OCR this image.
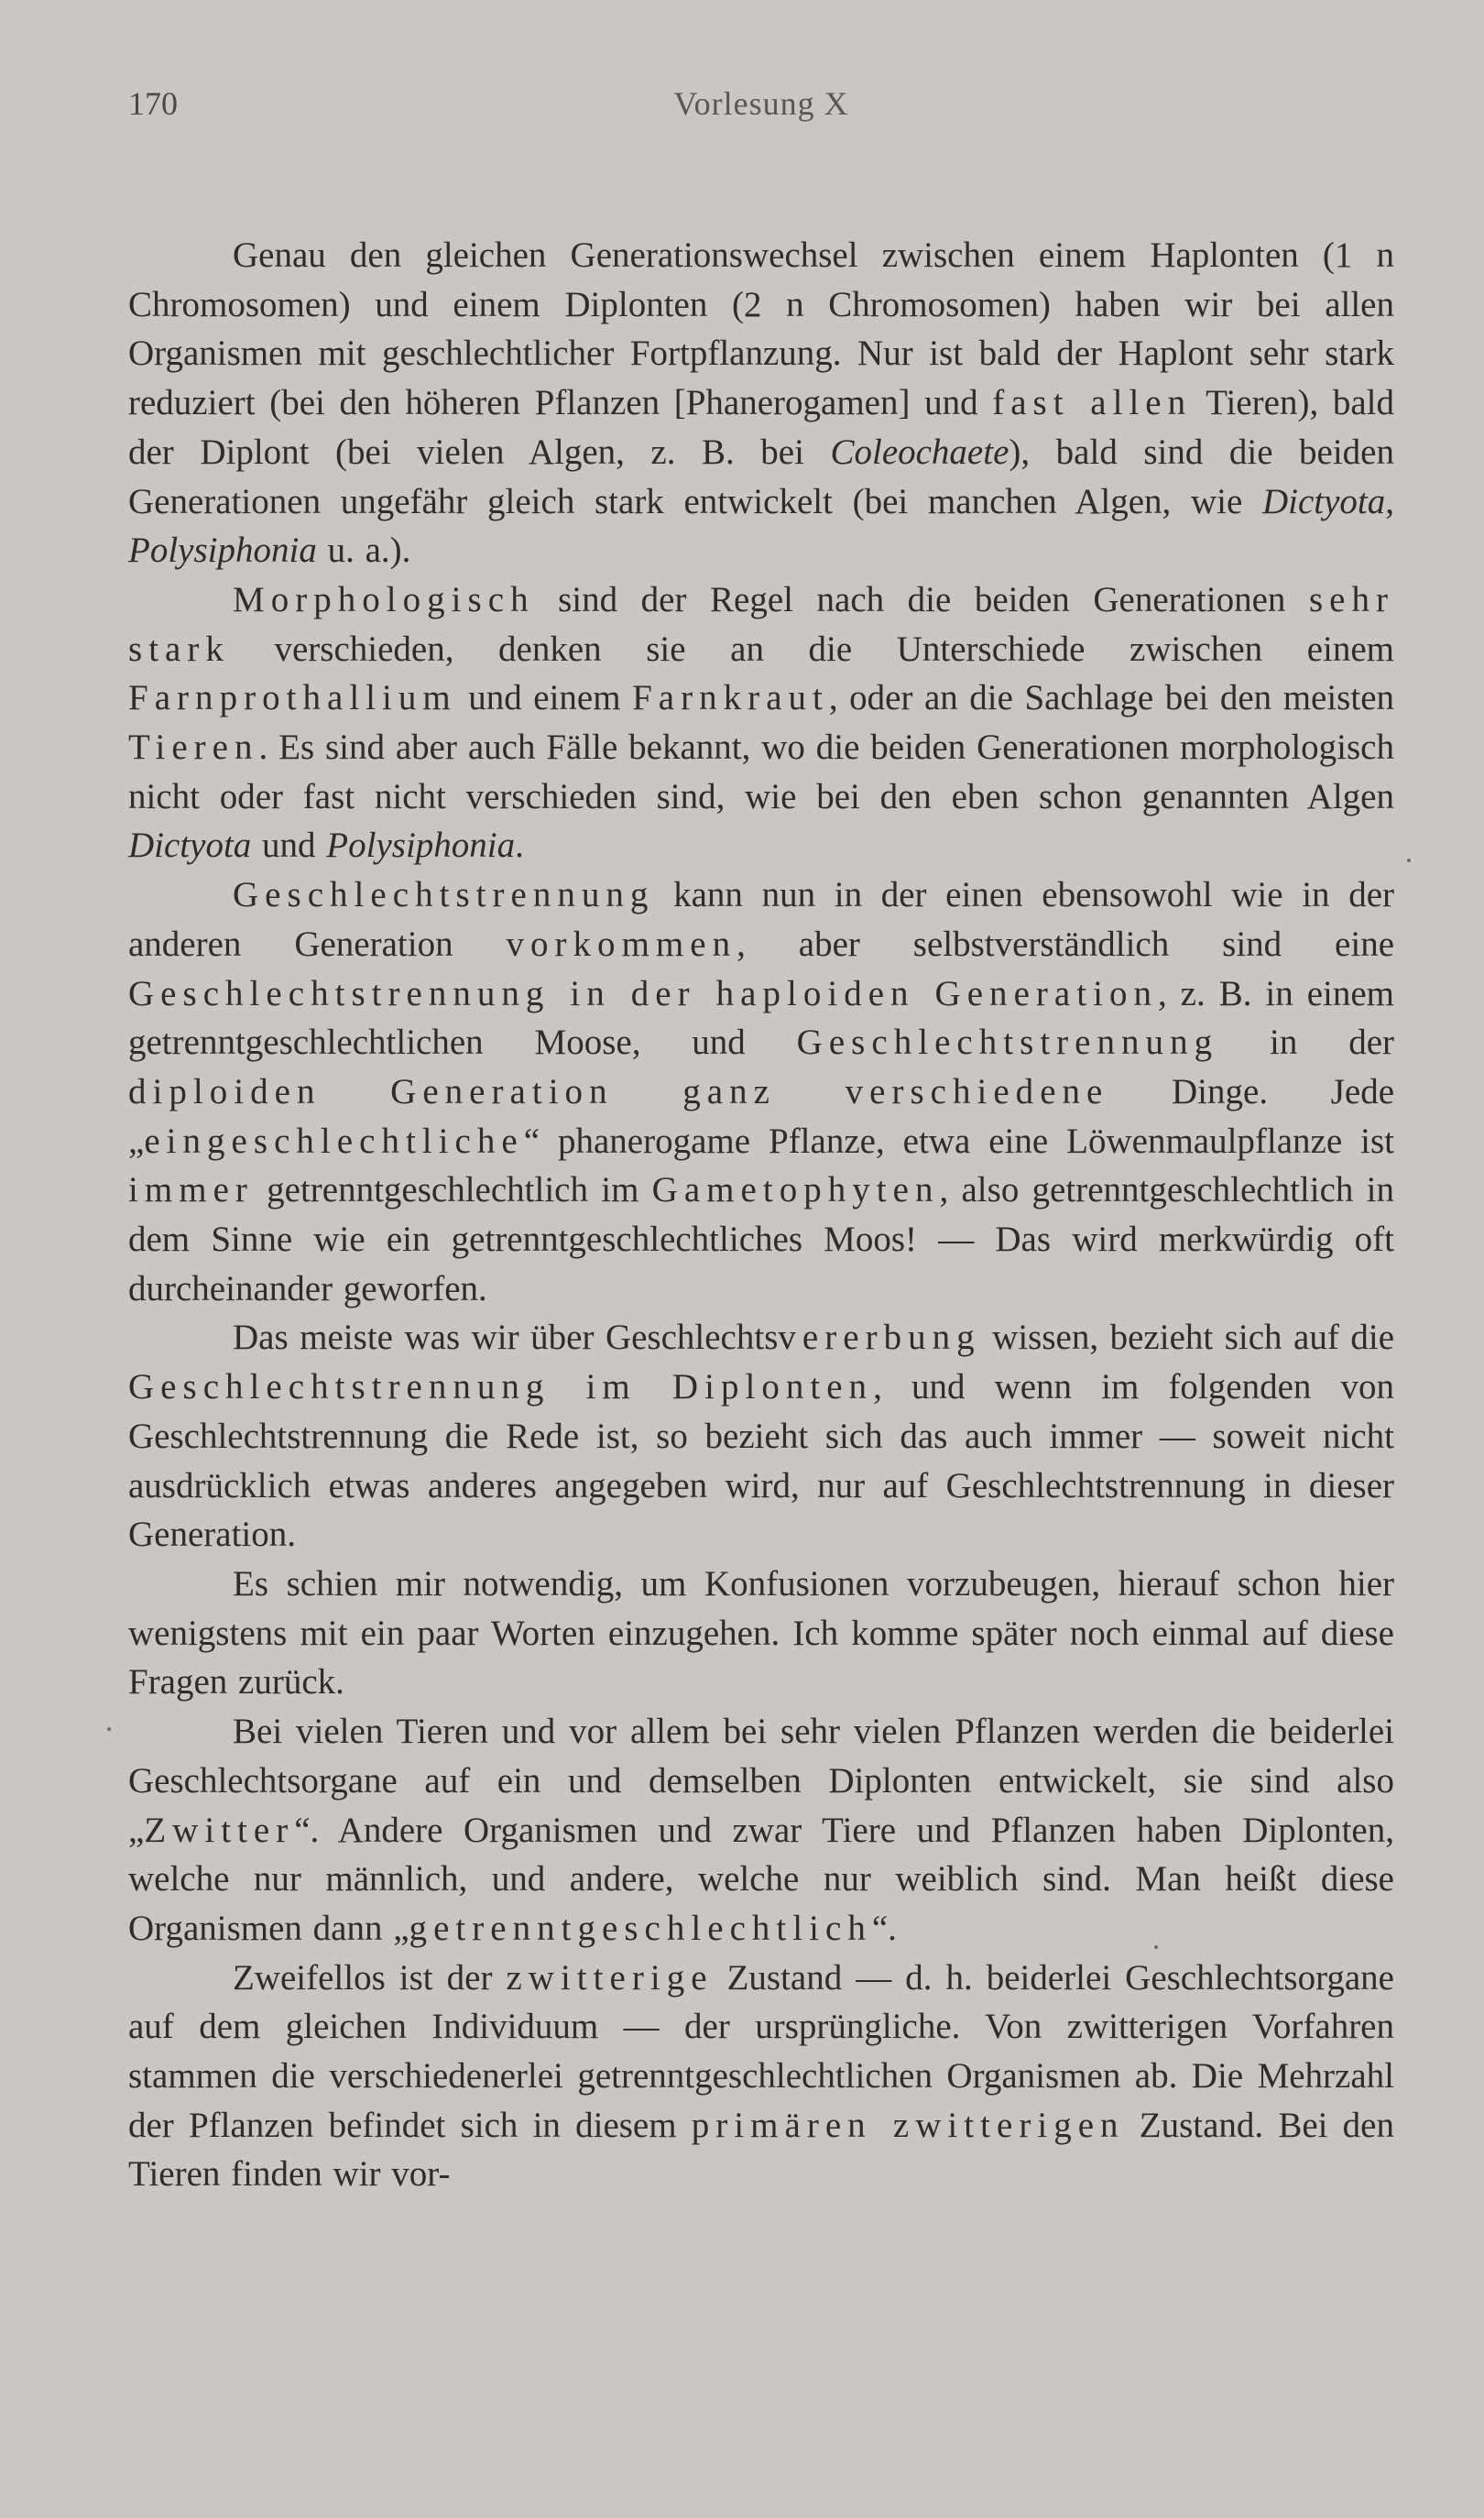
170	Vorlesung X

Genau den gleichen Generationswechsel zwischen einem Haplonten (1 n Chromosomen) und einem Diplonten (2 n Chromosomen) haben wir bei allen Organismen mit geschlechtlicher Fortpflanzung. Nur ist bald der Haplont sehr stark reduziert (bei den höheren Pflanzen [Phanerogamen] und fast allen Tieren), bald der Diplont (bei vielen Algen, z. B. bei Coleochaete), bald sind die beiden Generationen ungefähr gleich stark entwickelt (bei manchen Algen, wie Dictyota, Polysiphonia u. a.).

Morphologisch sind der Regel nach die beiden Generationen sehr stark verschieden, denken sie an die Unterschiede zwischen einem Farnprothallium und einem Farnkraut, oder an die Sachlage bei den meisten Tieren. Es sind aber auch Fälle bekannt, wo die beiden Generationen morphologisch nicht oder fast nicht verschieden sind, wie bei den eben schon genannten Algen Dictyota und Polysiphonia.

Geschlechtstrennung kann nun in der einen ebensowohl wie in der anderen Generation vorkommen, aber selbstverständlich sind eine Geschlechtstrennung in der haploiden Generation, z. B. in einem getrenntgeschlechtlichen Moose, und Geschlechtstrennung in der diploiden Generation ganz verschiedene Dinge. Jede „eingeschlechtliche“ phanerogame Pflanze, etwa eine Löwenmaulpflanze ist immer getrenntgeschlechtlich im Gametophyten, also getrenntgeschlechtlich in dem Sinne wie ein getrenntgeschlechtliches Moos! — Das wird merkwürdig oft durcheinander geworfen.

Das meiste was wir über Geschlechtsvererbung wissen, bezieht sich auf die Geschlechtstrennung im Diplonten, und wenn im folgenden von Geschlechtstrennung die Rede ist, so bezieht sich das auch immer — soweit nicht ausdrücklich etwas anderes angegeben wird, nur auf Geschlechtstrennung in dieser Generation.

Es schien mir notwendig, um Konfusionen vorzubeugen, hierauf schon hier wenigstens mit ein paar Worten einzugehen. Ich komme später noch einmal auf diese Fragen zurück.

Bei vielen Tieren und vor allem bei sehr vielen Pflanzen werden die beiderlei Geschlechtsorgane auf ein und demselben Diplonten entwickelt, sie sind also „Zwitter“. Andere Organismen und zwar Tiere und Pflanzen haben Diplonten, welche nur männlich, und andere, welche nur weiblich sind. Man heißt diese Organismen dann „getrenntgeschlechtlich“.

Zweifellos ist der zwitterige Zustand — d. h. beiderlei Geschlechtsorgane auf dem gleichen Individuum — der ursprüngliche. Von zwitterigen Vorfahren stammen die verschiedenerlei getrenntgeschlechtlichen Organismen ab. Die Mehrzahl der Pflanzen befindet sich in diesem primären zwitterigen Zustand. Bei den Tieren finden wir vor-
